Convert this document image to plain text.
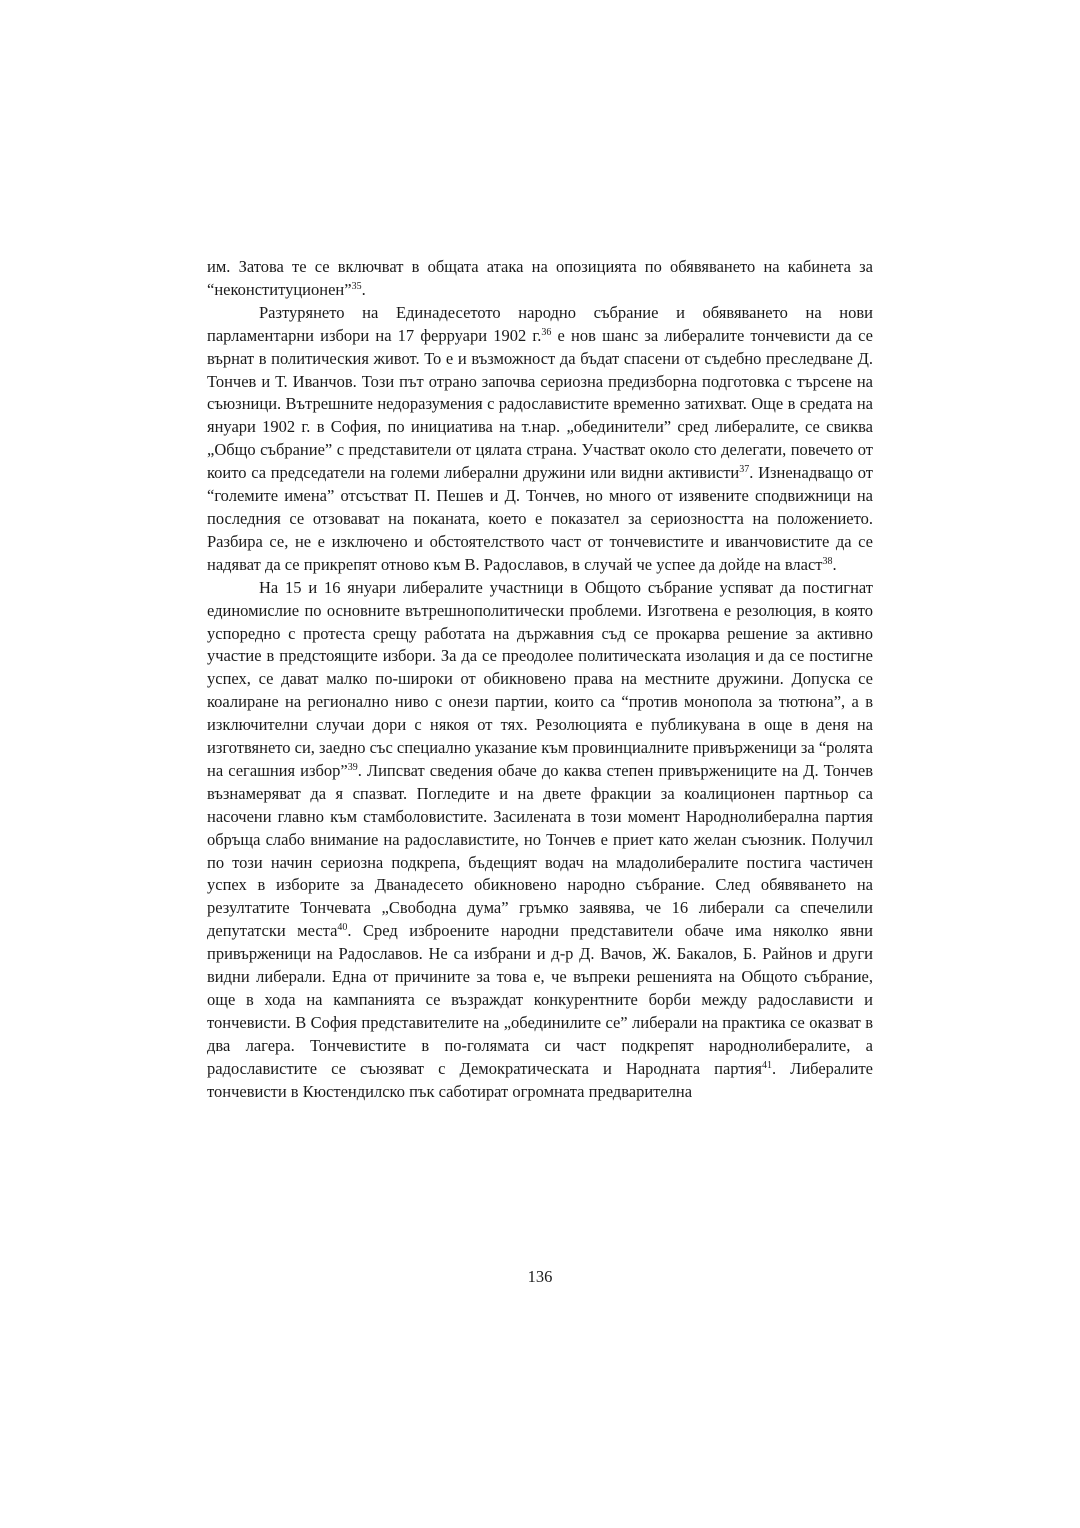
им. Затова те се включват в общата атака на опозицията по обявяването на кабинета за “неконституционен”$^{35}$.

Разтурянето на Единадесетото народно събрание и обявяването на нови парламентарни избори на 17 ферруари 1902 г.$^{36}$ е нов шанс за либералите тончевисти да се върнат в политическия живот. То е и възможност да бъдат спасени от съдебно преследване Д. Тончев и Т. Иванчов. Този път отрано започва сериозна предизборна подготовка с търсене на съюзници. Вътрешните недоразумения с радославистите временно затихват. Още в средата на януари 1902 г. в София, по инициатива на т.нар. „обединители” сред либералите, се свиква „Общо събрание” с представители от цялата страна. Участват около сто делегати, повечето от които са председатели на големи либерални дружини или видни активисти$^{37}$. Изненадващо от “големите имена” отсъстват П. Пешев и Д. Тончев, но много от изявените сподвижници на последния се отзовават на поканата, което е показател за сериозността на положението. Разбира се, не е изключено и обстоятелството част от тончевистите и иванчовистите да се надяват да се прикрепят отново към В. Радославов, в случай че успее да дойде на власт$^{38}$.

На 15 и 16 януари либералите участници в Общото събрание успяват да постигнат единомислие по основните вътрешнополитически проблеми. Изготвена е резолюция, в която успоредно с протеста срещу работата на държавния съд се прокарва решение за активно участие в предстоящите избори. За да се преодолее политическата изолация и да се постигне успех, се дават малко по-широки от обикновено права на местните дружини. Допуска се коалиране на регионално ниво с онези партии, които са “против монопола за тютюна”, а в изключителни случаи дори с някоя от тях. Резолюцията е публикувана в още в деня на изготвянето си, заедно със специално указание към провинциалните привърженици за “ролята на сегашния избор”$^{39}$. Липсват сведения обаче до каква степен привържениците на Д. Тончев възнамеряват да я спазват. Погледите и на двете фракции за коалиционен партньор са насочени главно към стамболовистите. Засилената в този момент Народнолиберална партия обръща слабо внимание на радославистите, но Тончев е приет като желан съюзник. Получил по този начин сериозна подкрепа, бъдещият водач на младолибералите постига частичен успех в изборите за Дванадесето обикновено народно събрание. След обявяването на резултатите Тончевата „Свободна дума” гръмко заявява, че 16 либерали са спечелили депутатски места$^{40}$. Сред изброените народни представители обаче има няколко явни привърженици на Радославов. Не са избрани и д-р Д. Вачов, Ж. Бакалов, Б. Райнов и други видни либерали. Една от причините за това е, че въпреки решенията на Общото събрание, още в хода на кампанията се възраждат конкурентните борби между радослависти и тончевисти. В София представителите на „обединилите се” либерали на практика се оказват в два лагера. Тончевистите в по-голямата си част подкрепят народнолибералите, а радославистите се съюзяват с Демократическата и Народната партия$^{41}$. Либералите тончевисти в Кюстендилско пък саботират огромната предварителна

136
